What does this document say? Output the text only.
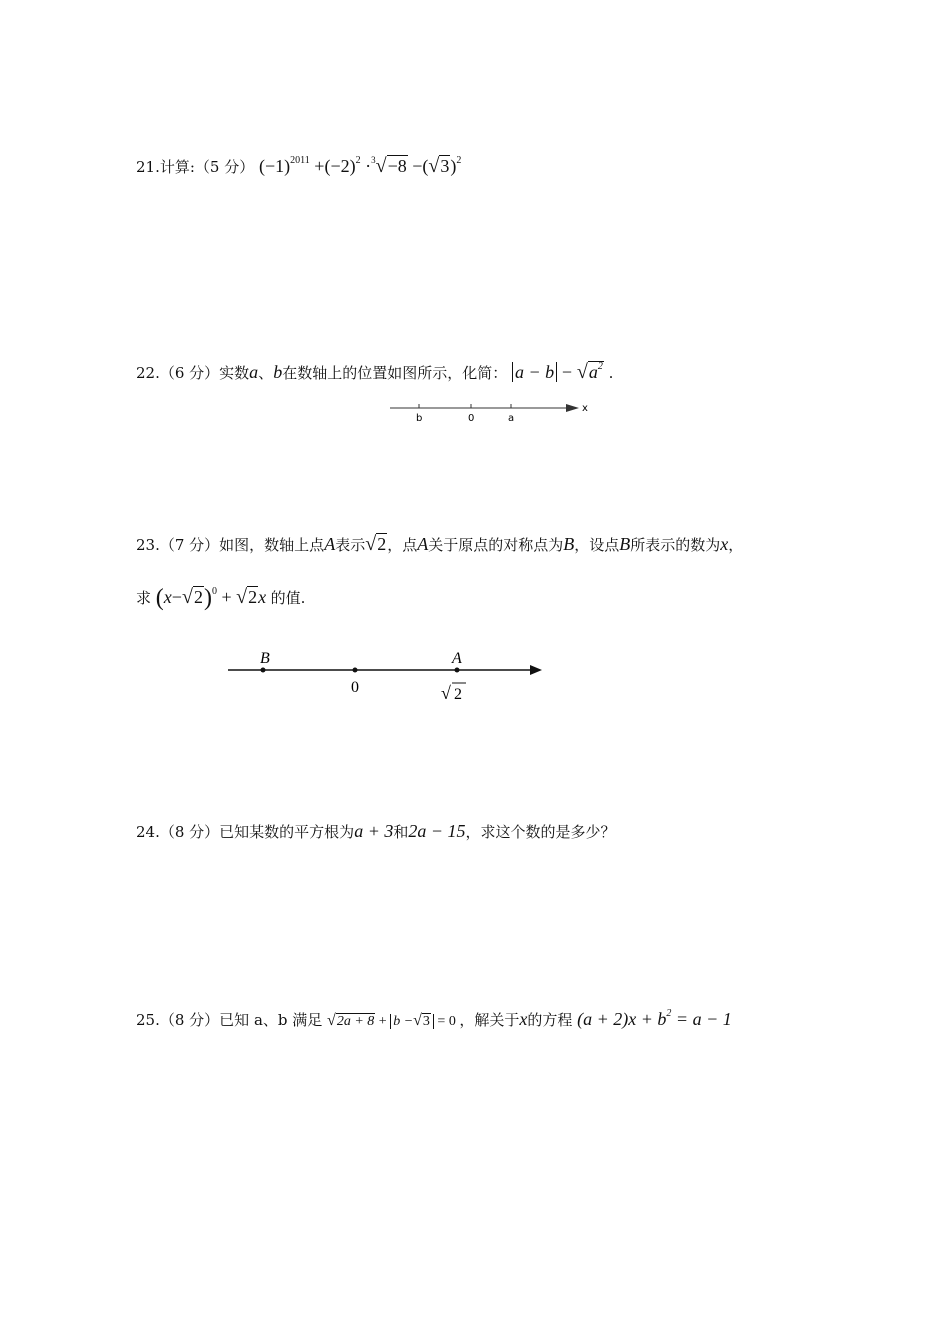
21.计算:（5 分） $(-1)^{2011} +(-2)^2 \cdot^3√-8 -(√3)^2$
22.（6 分）实数a、b在数轴上的位置如图所示，化简： $a - b - √a^2$ .
b	0	a
x
23.（7 分）如图，数轴上点A表示√2，点A关于原点的对称点为B，设点B所表示的数为x，
求 $(x-√2)^0 + √2x$ 的值.
B
0
A
√ 2
24.（8 分）已知某数的平方根为a + 3和2a − 15，求这个数的是多少？
25.（8 分）已知 a、b 满足 √2a + 8 + b −√3 = 0 ，解关于x的方程 $(a + 2)x + b^2 = a - 1$
